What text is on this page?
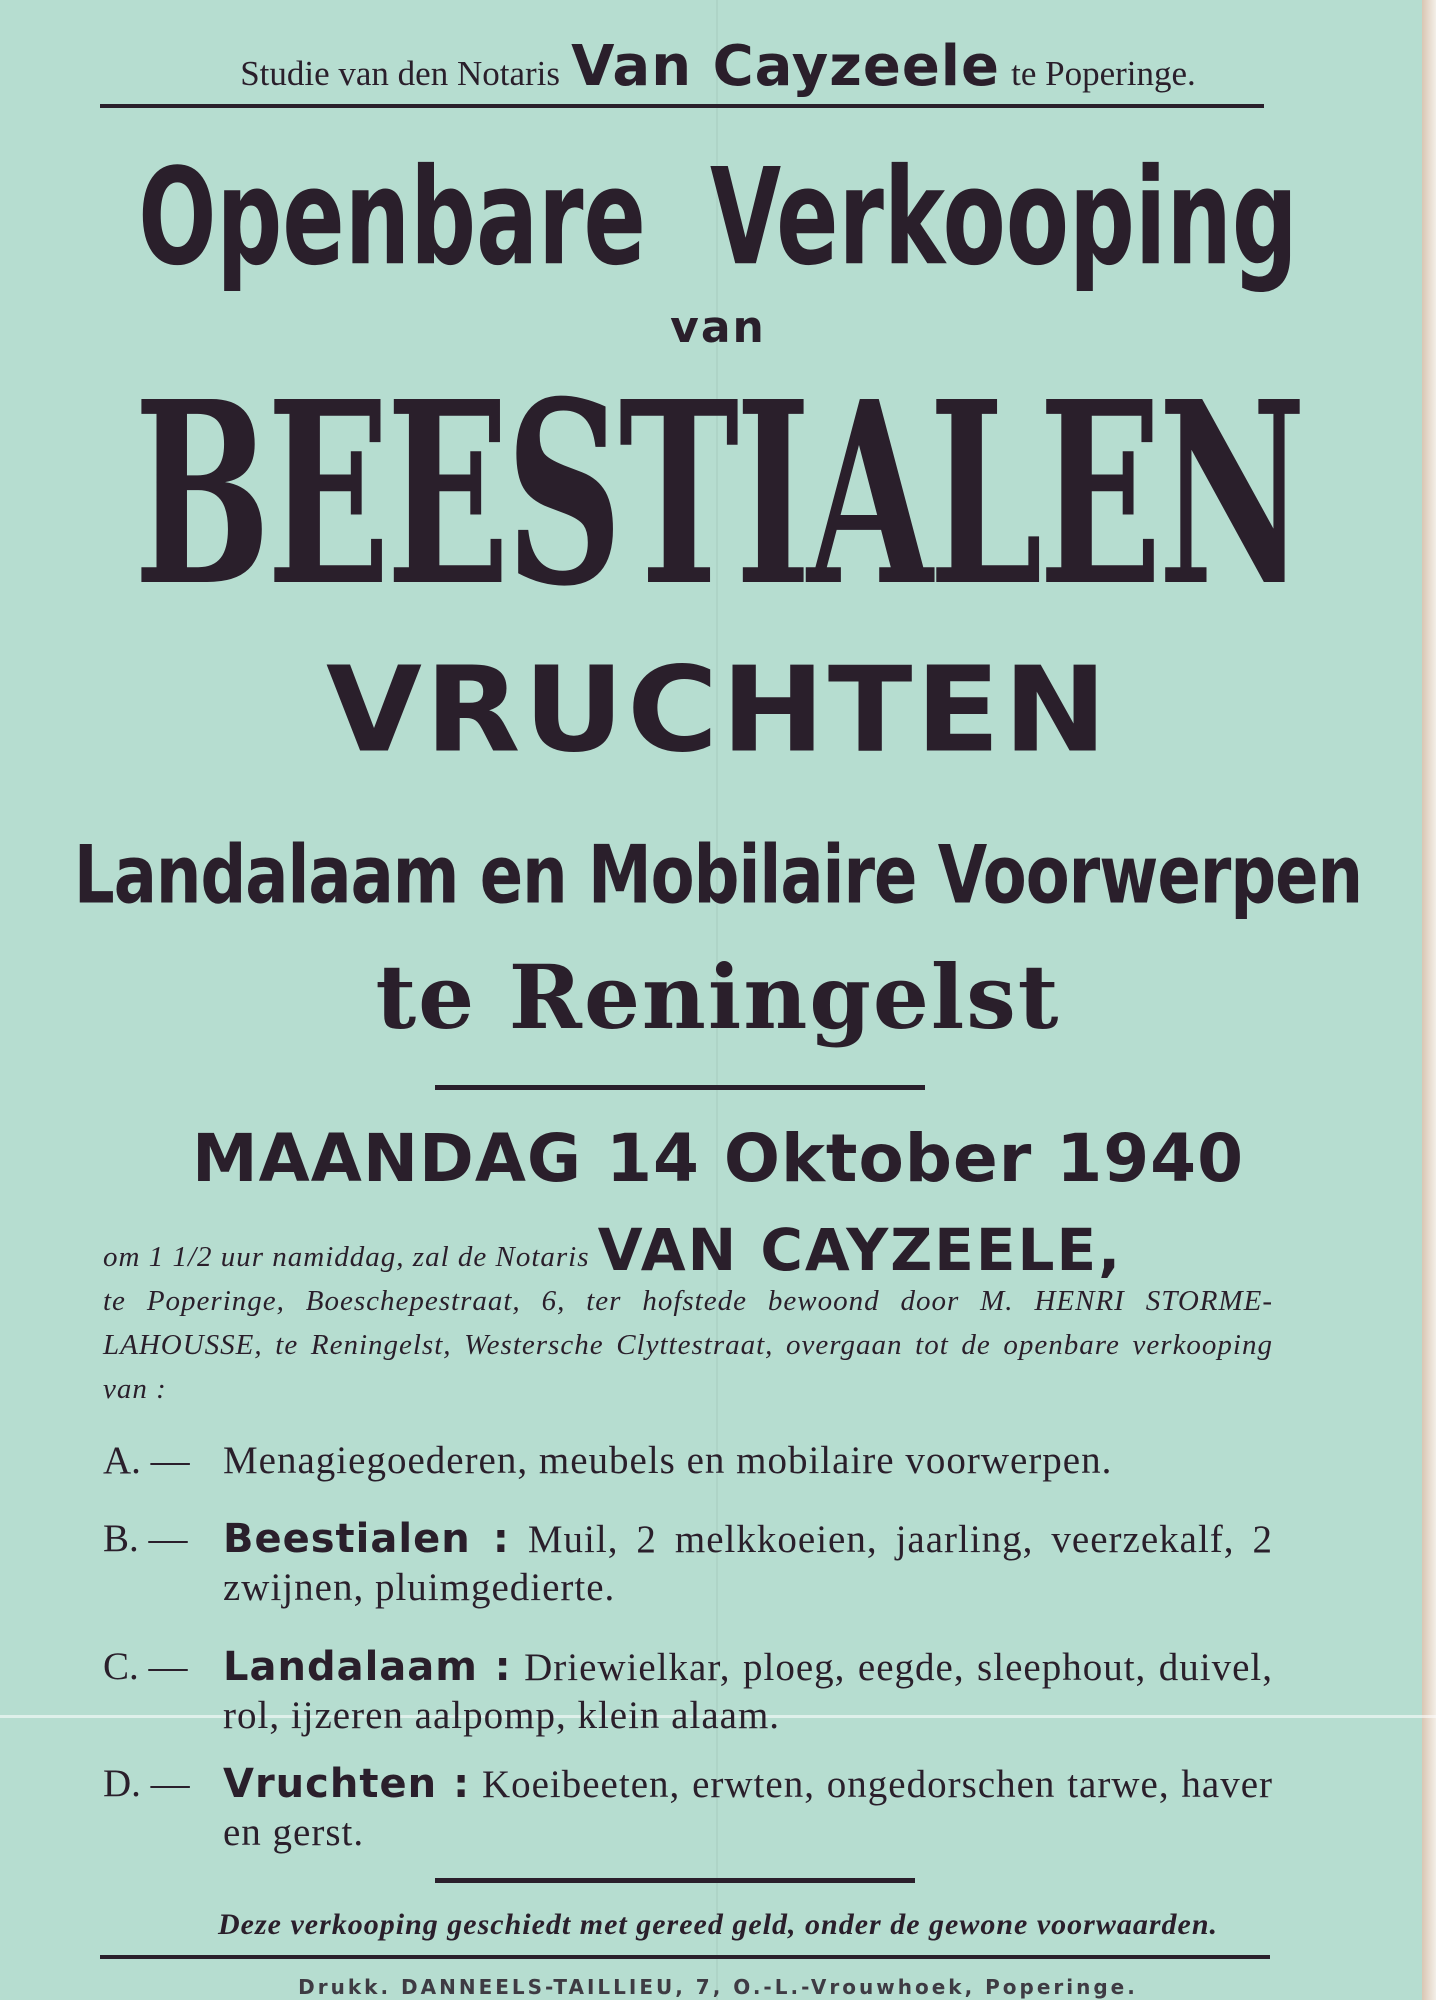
Studie van den Notaris Van Cayzeele te Poperinge.
Openbare  Verkooping
van
BEESTIALEN
VRUCHTEN
Landalaam en Mobilaire Voorwerpen
te Reningelst
MAANDAG 14 Oktober 1940
om 1 1/2 uur namiddag, zal de Notaris VAN CAYZEELE,
te Poperinge, Boeschepestraat, 6, ter hofstede bewoond door M. HENRI STORME-LAHOUSSE, te Reningelst, Westersche Clyttestraat, overgaan tot de openbare verkooping van :
A. — Menagiegoederen, meubels en mobilaire voorwerpen.
B. — Beestialen : Muil, 2 melkkoeien, jaarling, veerzekalf, 2 zwijnen, pluimgedierte.
C. — Landalaam : Driewielkar, ploeg, eegde, sleephout, duivel, rol, ijzeren aalpomp, klein alaam.
D. — Vruchten : Koeibeeten, erwten, ongedorschen tarwe, haver en gerst.
Deze verkooping geschiedt met gereed geld, onder de gewone voorwaarden.
Drukk. DANNEELS-TAILLIEU, 7, O.-L.-Vrouwhoek, Poperinge.
